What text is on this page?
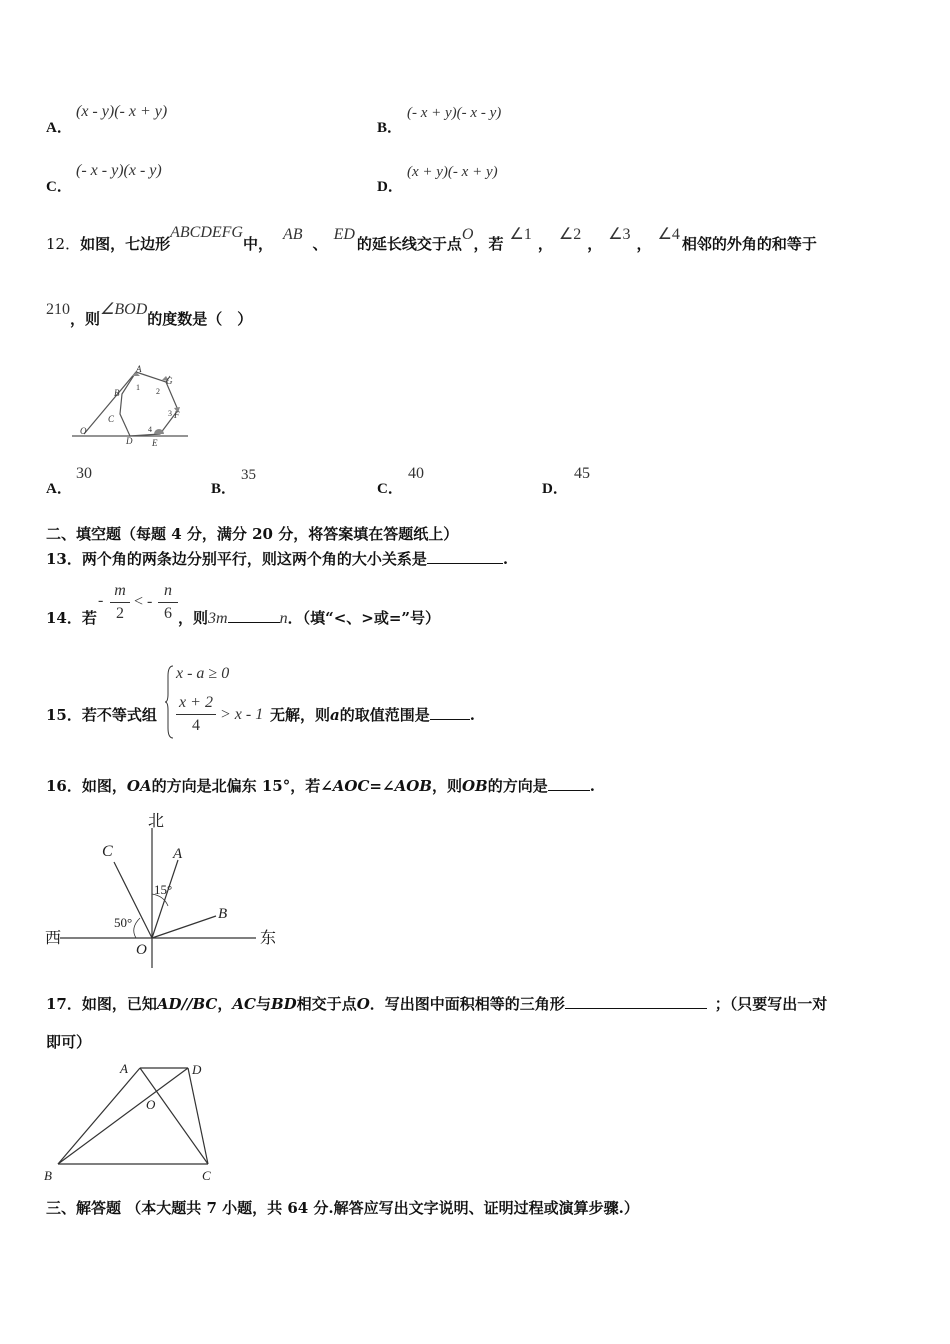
A．
(x - y)(- x + y)
B．
(- x + y)(- x - y)
C．
(- x - y)(x - y)
D．
(x + y)(- x + y)
12．如图，七边形ABCDEFG中，AB、ED的延长线交于点O，若∠1，∠2，∠3，∠4相邻的外角的和等于
210，则∠BOD的度数是（　）
A
G
B
C	F
D E
O
1 2
3
4
A．
30
B．
35
C．
40
D．
45
二、填空题（每题 4 分，满分 20 分，将答案填在答题纸上）
13．两个角的两条边分别平行，则这两个角的大小关系是	.
14．若
-
m
2
< -
n
6 ，则3m	n．（填“<、>或=”号）
15．若不等式组
x - a ≥ 0
x + 2
4
> x - 1 无解，则a的取值范围是	.
16．如图，OA的方向是北偏东 15°，若∠AOC=∠AOB，则OB的方向是	.
北
西	东
C	A
B
O
15°
50°
17．如图，已知AD//BC，AC与BD相交于点O．写出图中面积相等的三角形	；（只要写出一对
即可）
A	D
O
B	C
三、解答题 （本大题共 7 小题，共 64 分.解答应写出文字说明、证明过程或演算步骤.）
